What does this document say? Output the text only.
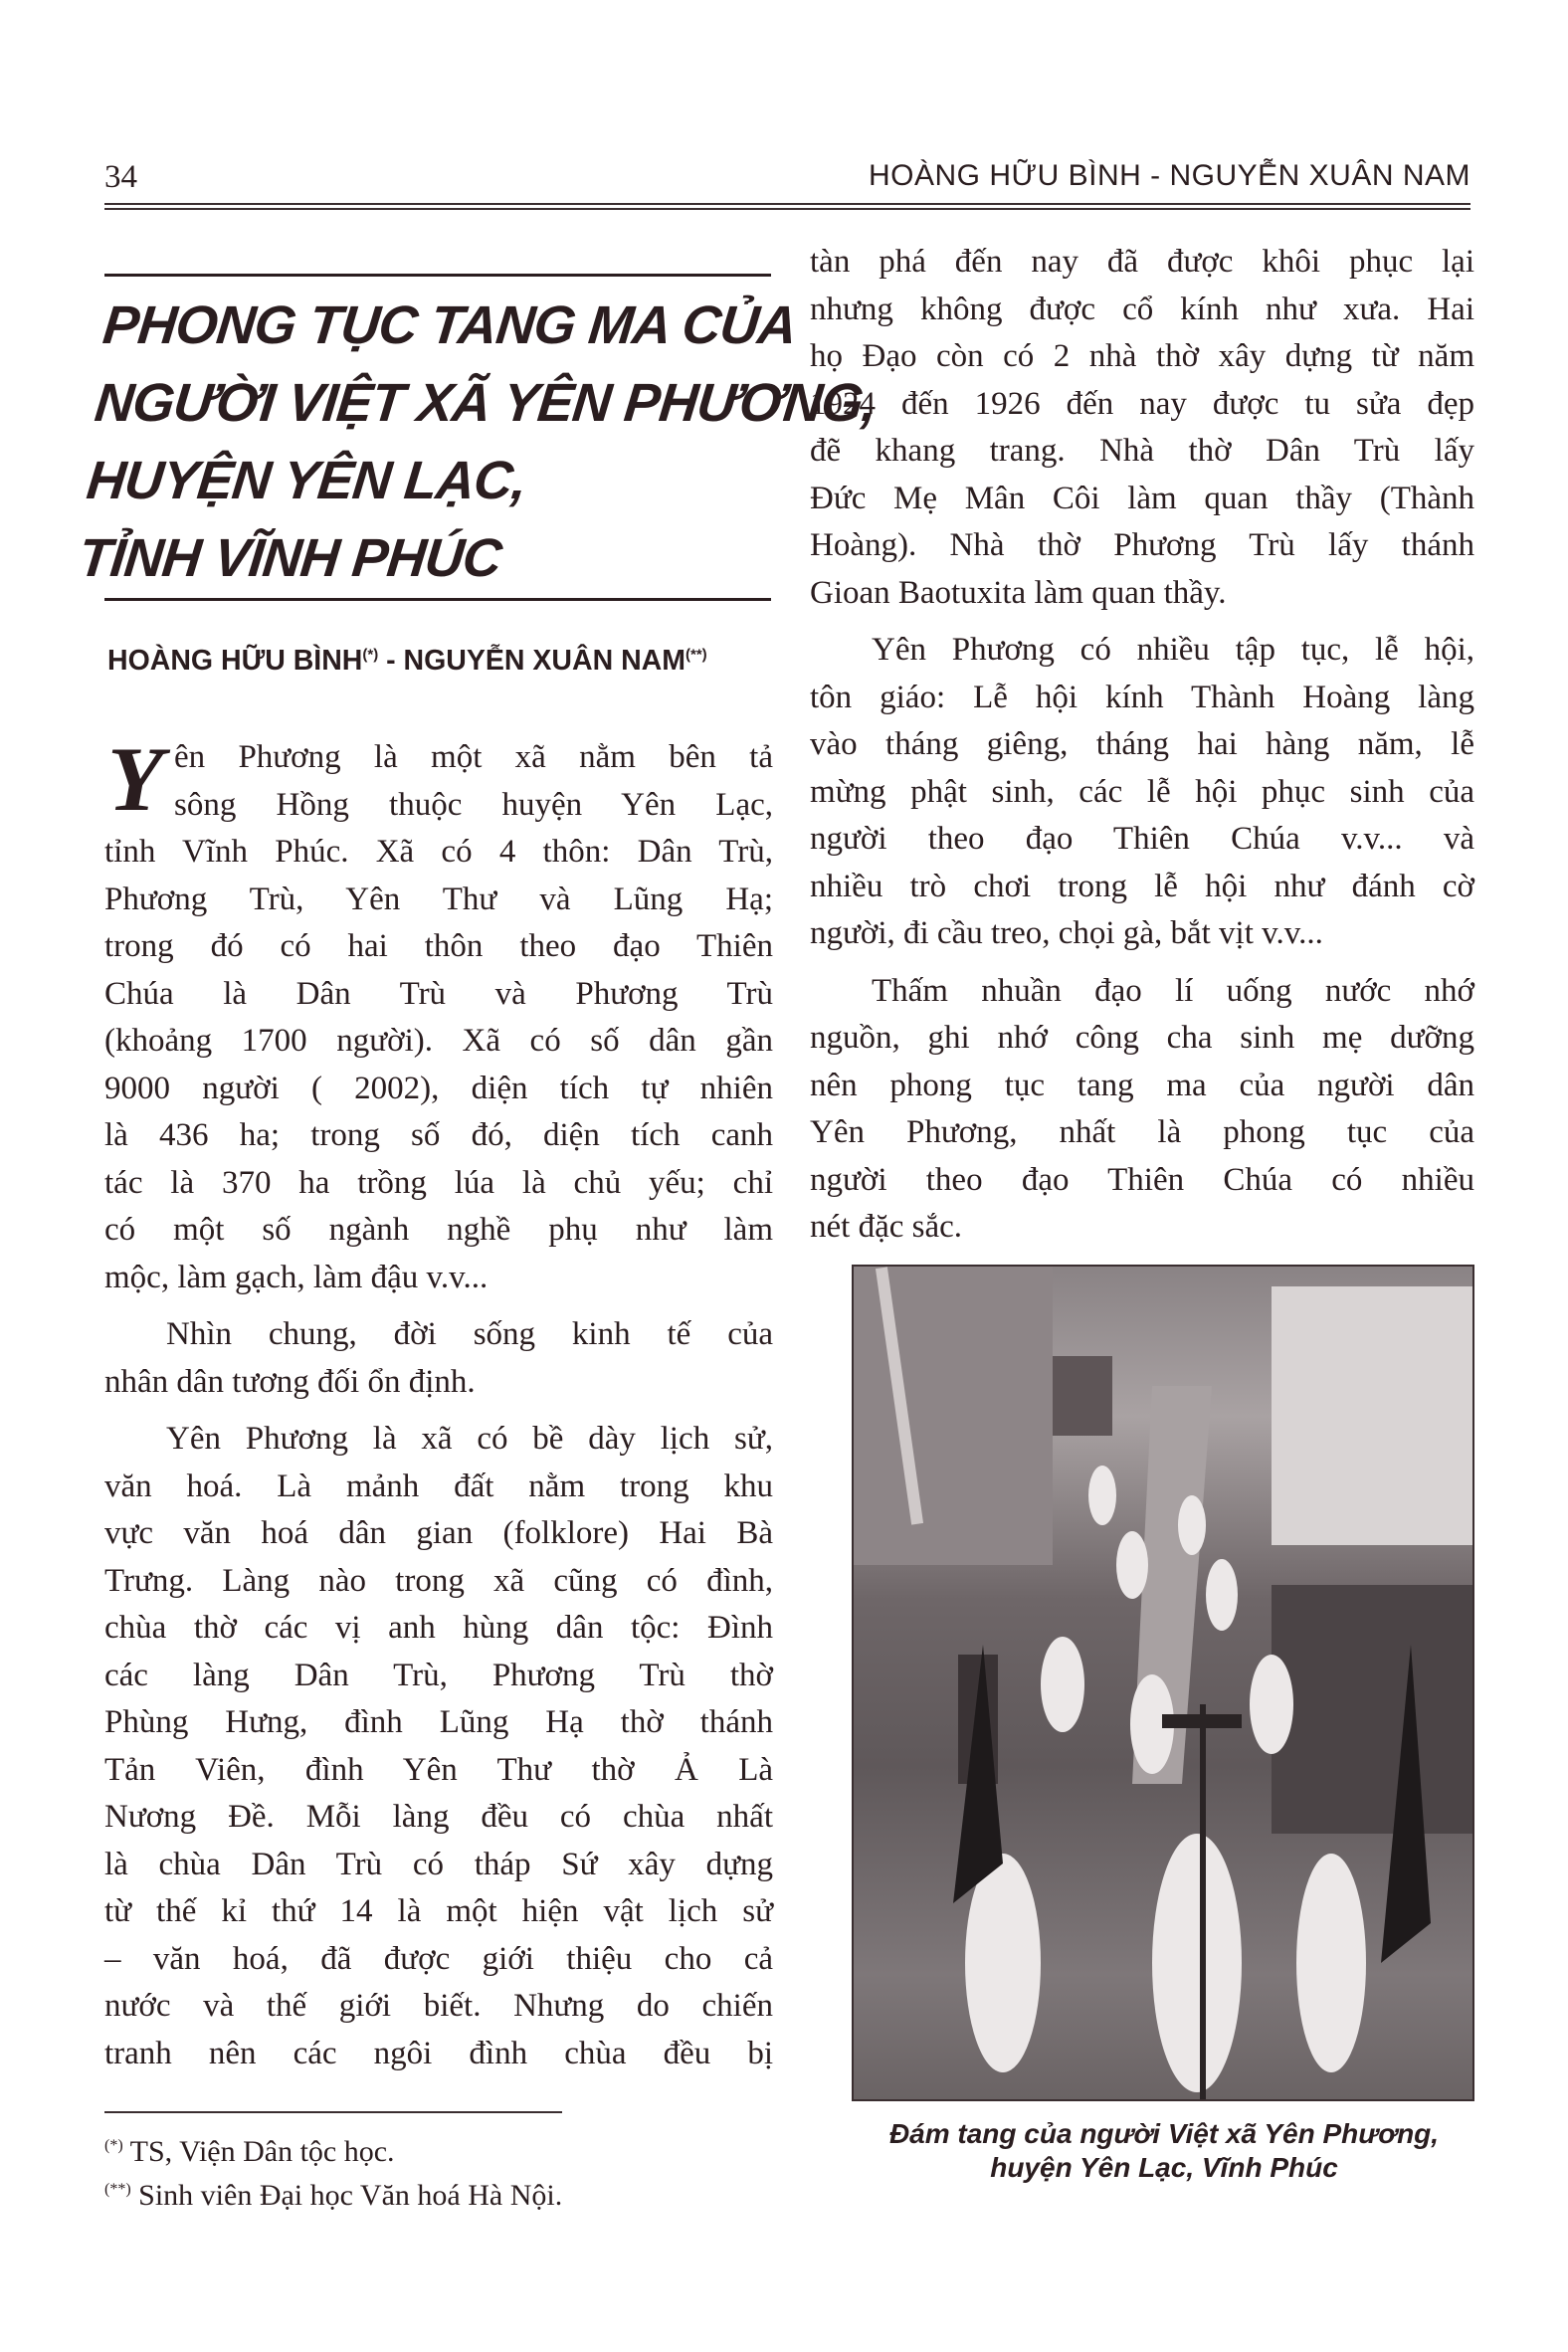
34	HOÀNG HỮU BÌNH - NGUYỄN XUÂN NAM
PHONG TỤC TANG MA CỦA
NGƯỜI VIỆT XÃ YÊN PHƯƠNG,
HUYỆN YÊN LẠC,
TỈNH VĨNH PHÚC
HOÀNG HỮU BÌNH(*) - NGUYỄN XUÂN NAM(**)
Y ên Phương là một xã nằm bên tả
sông Hồng thuộc huyện Yên Lạc,
tỉnh Vĩnh Phúc. Xã có 4 thôn: Dân Trù,
Phương Trù, Yên Thư và Lũng Hạ;
trong đó có hai thôn theo đạo Thiên
Chúa là Dân Trù và Phương Trù
(khoảng 1700 người). Xã có số dân gần
9000 người ( 2002), diện tích tự nhiên
là 436 ha; trong số đó, diện tích canh
tác là 370 ha trồng lúa là chủ yếu; chỉ
có một số ngành nghề phụ như làm
mộc, làm gạch, làm đậu v.v...
Nhìn chung, đời sống kinh tế của
nhân dân tương đối ổn định.
Yên Phương là xã có bề dày lịch sử,
văn hoá. Là mảnh đất nằm trong khu
vực văn hoá dân gian (folklore) Hai Bà
Trưng. Làng nào trong xã cũng có đình,
chùa thờ các vị anh hùng dân tộc: Đình
các làng Dân Trù, Phương Trù thờ
Phùng Hưng, đình Lũng Hạ thờ thánh
Tản Viên, đình Yên Thư thờ Ả Là
Nương Đề. Mỗi làng đều có chùa nhất
là chùa Dân Trù có tháp Sứ xây dựng
từ thế kỉ thứ 14 là một hiện vật lịch sử
– văn hoá, đã được giới thiệu cho cả
nước và thế giới biết. Nhưng do chiến
tranh nên các ngôi đình chùa đều bị
tàn phá đến nay đã được khôi phục lại
nhưng không được cổ kính như xưa. Hai
họ Đạo còn có 2 nhà thờ xây dựng từ năm
1924 đến 1926 đến nay được tu sửa đẹp
đẽ khang trang. Nhà thờ Dân Trù lấy
Đức Mẹ Mân Côi làm quan thầy (Thành
Hoàng). Nhà thờ Phương Trù lấy thánh
Gioan Baotuxita làm quan thầy.
Yên Phương có nhiều tập tục, lễ hội,
tôn giáo: Lễ hội kính Thành Hoàng làng
vào tháng giêng, tháng hai hàng năm, lễ
mừng phật sinh, các lễ hội phục sinh của
người theo đạo Thiên Chúa v.v... và
nhiều trò chơi trong lễ hội như đánh cờ
người, đi cầu treo, chọi gà, bắt vịt v.v...
Thấm nhuần đạo lí uống nước nhớ
nguồn, ghi nhớ công cha sinh mẹ dưỡng
nên phong tục tang ma của người dân
Yên Phương, nhất là phong tục của
người theo đạo Thiên Chúa có nhiều
nét đặc sắc.
Đám tang của người Việt xã Yên Phương,
huyện Yên Lạc, Vĩnh Phúc
(*) TS, Viện Dân tộc học.
(**) Sinh viên Đại học Văn hoá Hà Nội.
